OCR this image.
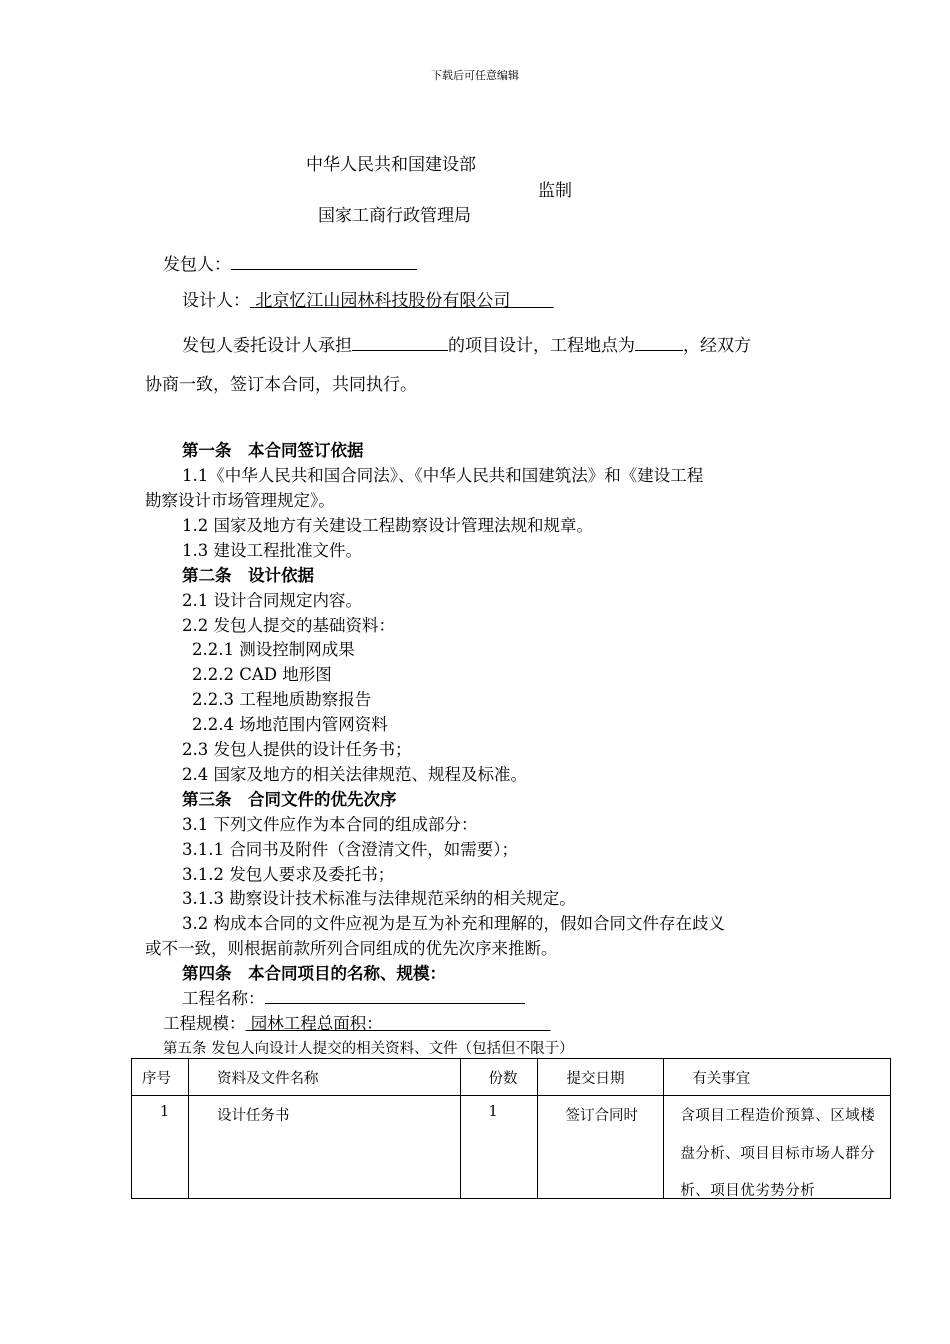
下载后可任意编辑
中华人民共和国建设部
监制
国家工商行政管理局
发包人：
设计人： 北京忆江山园林科技股份有限公司
发包人委托设计人承担	的项目设计，工程地点为	，经双方
协商一致，签订本合同，共同执行。
第一条　本合同签订依据
1.1《中华人民共和国合同法》、《中华人民共和国建筑法》和《建设工程
勘察设计市场管理规定》。
1.2 国家及地方有关建设工程勘察设计管理法规和规章。
1.3 建设工程批准文件。
第二条　设计依据
2.1 设计合同规定内容。
2.2 发包人提交的基础资料：
2.2.1 测设控制网成果
2.2.2 CAD 地形图
2.2.3 工程地质勘察报告
2.2.4 场地范围内管网资料
2.3 发包人提供的设计任务书；
2.4 国家及地方的相关法律规范、规程及标准。
第三条　合同文件的优先次序
3.1 下列文件应作为本合同的组成部分：
3.1.1 合同书及附件（含澄清文件，如需要）；
3.1.2 发包人要求及委托书；
3.1.3 勘察设计技术标准与法律规范采纳的相关规定。
3.2 构成本合同的文件应视为是互为补充和理解的，假如合同文件存在歧义
或不一致，则根据前款所列合同组成的优先次序来推断。
第四条　本合同项目的名称、规模：
工程名称：
工程规模： 园林工程总面积：
第五条 发包人向设计人提交的相关资料、文件（包括但不限于）
序号	资料及文件名称	份数	提交日期	有关事宜

1	设计任务书	1	签订合同时	含项目工程造价预算、区域楼盘分析、项目目标市场人群分析、项目优劣势分析
